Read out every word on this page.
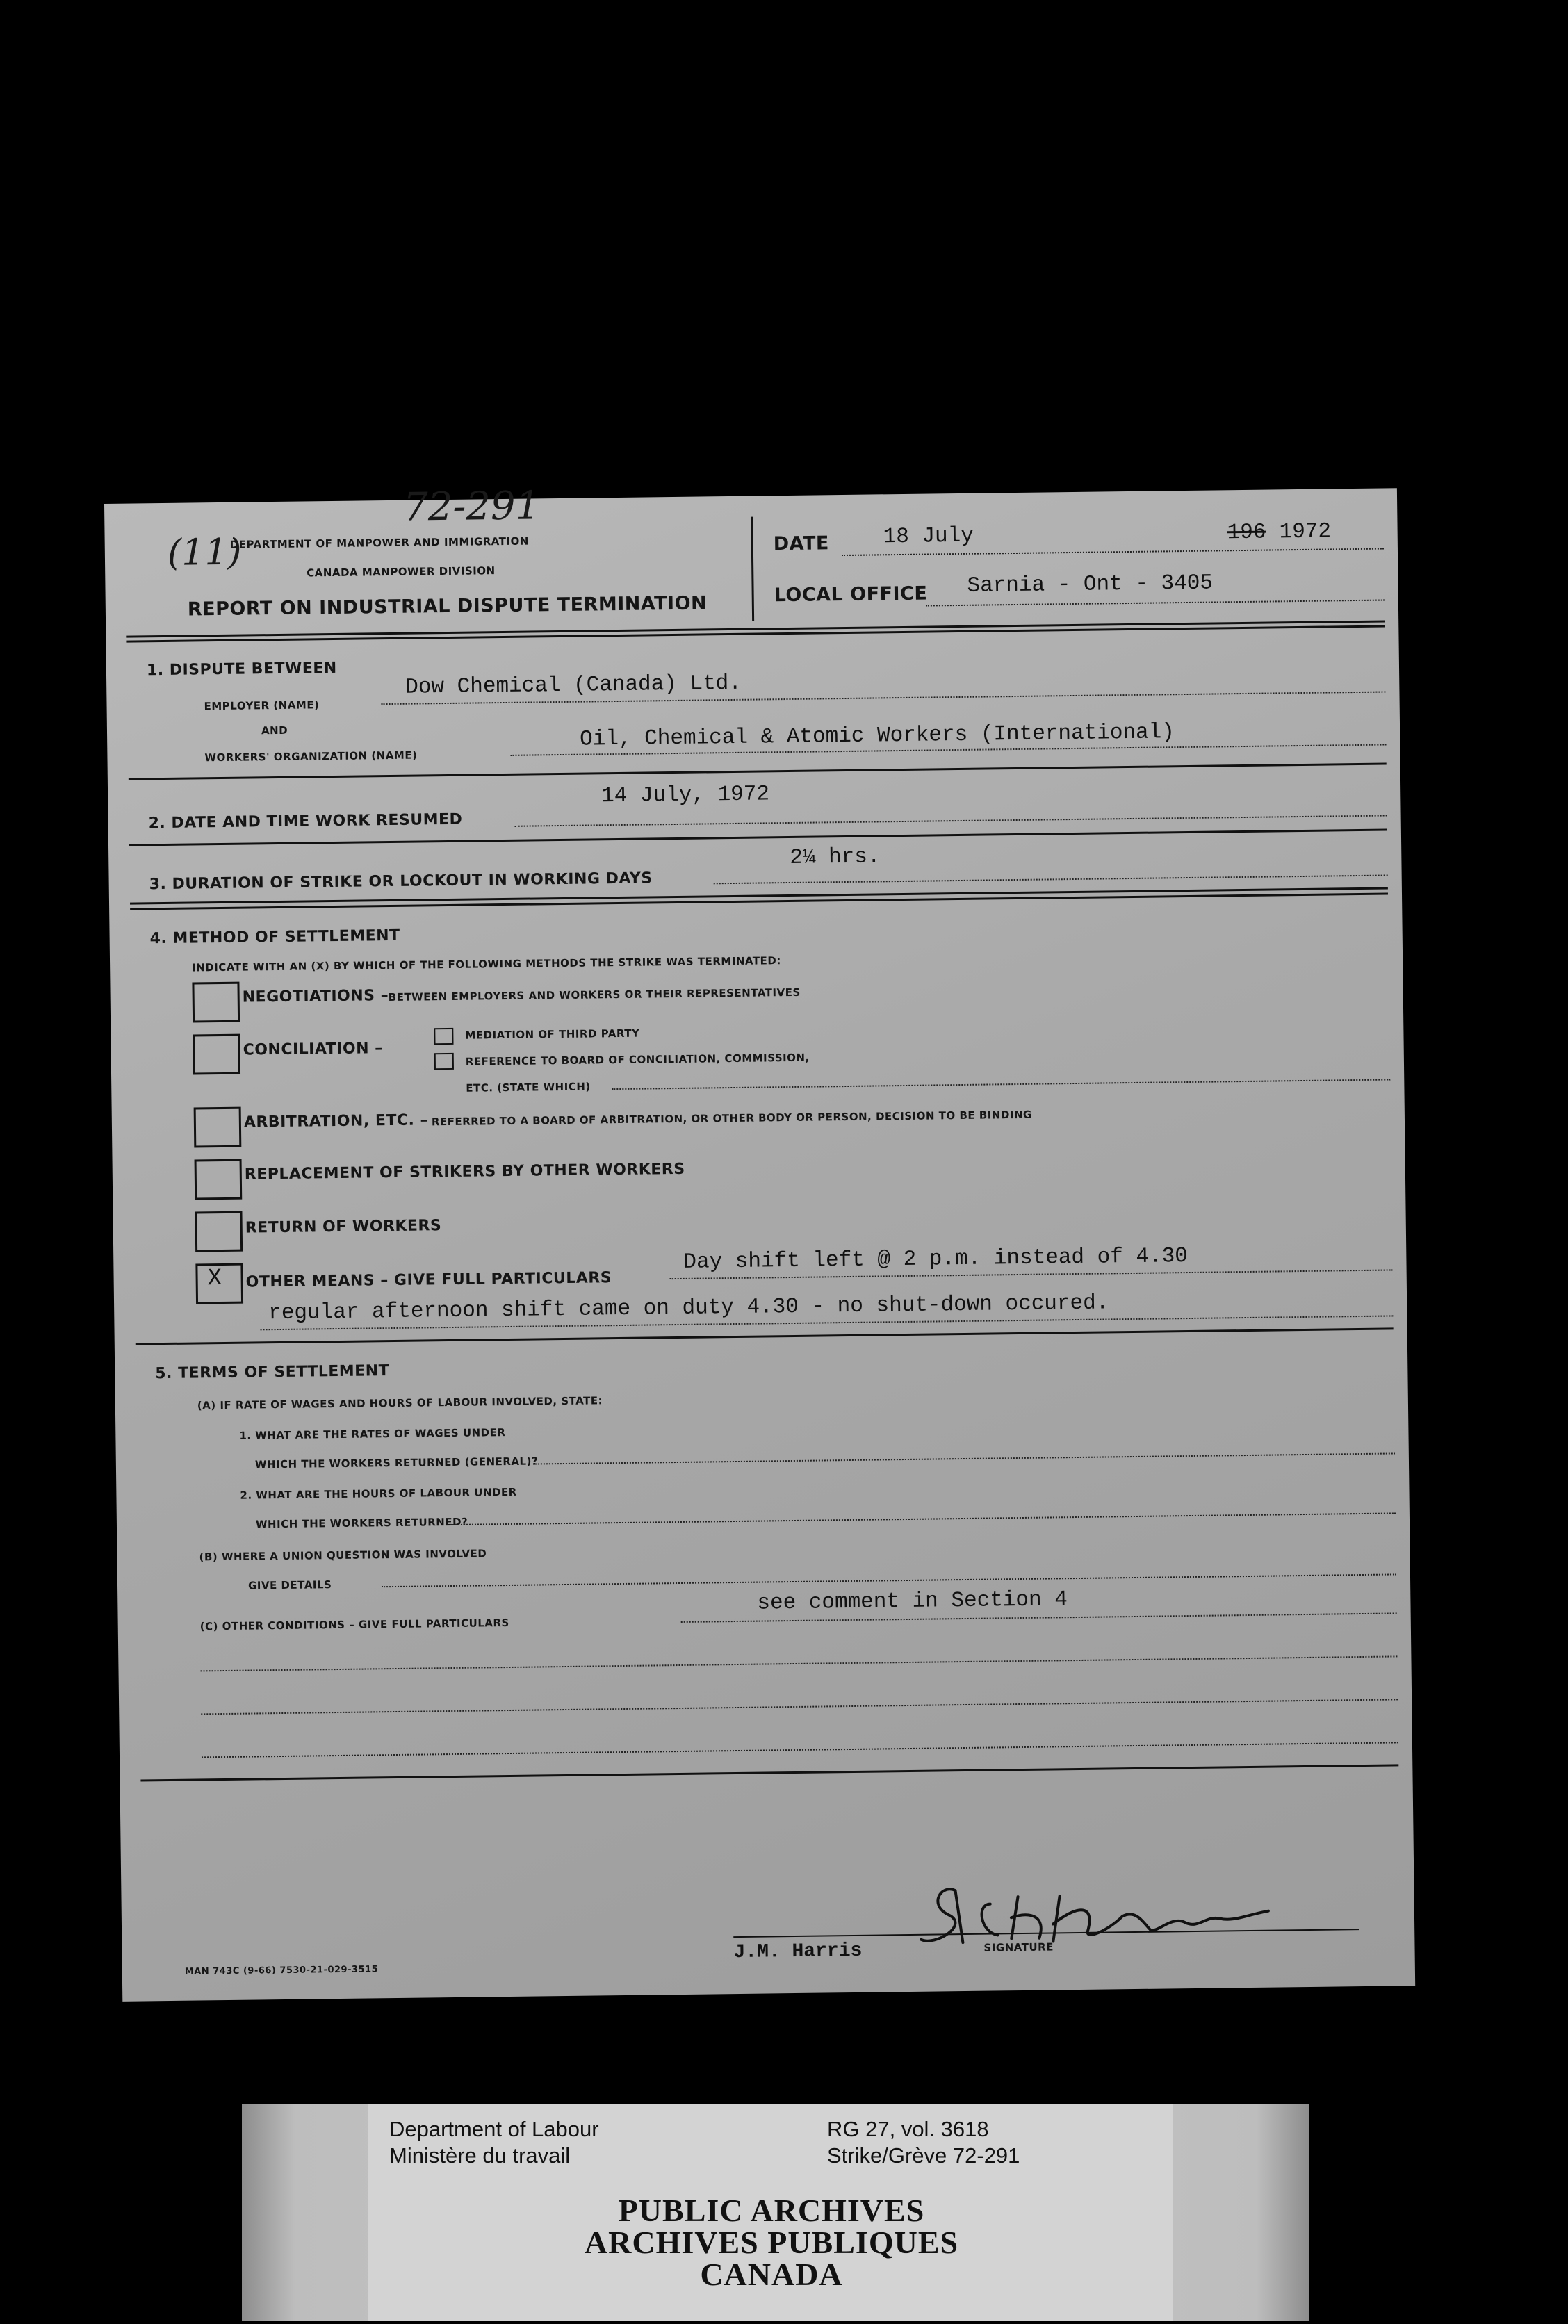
72-291
(11)
DEPARTMENT OF MANPOWER AND IMMIGRATION
CANADA MANPOWER DIVISION
REPORT ON INDUSTRIAL DISPUTE TERMINATION
DATE 18 July	196 1972
LOCAL OFFICE Sarnia - Ont - 3405
1. DISPUTE BETWEEN
EMPLOYER (NAME)
Dow Chemical (Canada) Ltd.
AND
WORKERS' ORGANIZATION (NAME)
Oil, Chemical & Atomic Workers (International)
14 July, 1972
2. DATE AND TIME WORK RESUMED
2¼ hrs.
3. DURATION OF STRIKE OR LOCKOUT IN WORKING DAYS
4. METHOD OF SETTLEMENT
INDICATE WITH AN (X) BY WHICH OF THE FOLLOWING METHODS THE STRIKE WAS TERMINATED:
NEGOTIATIONS – BETWEEN EMPLOYERS AND WORKERS OR THEIR REPRESENTATIVES
CONCILIATION –
MEDIATION OF THIRD PARTY
REFERENCE TO BOARD OF CONCILIATION, COMMISSION,
ETC. (STATE WHICH)
ARBITRATION, ETC. – REFERRED TO A BOARD OF ARBITRATION, OR OTHER BODY OR PERSON, DECISION TO BE BINDING
REPLACEMENT OF STRIKERS BY OTHER WORKERS
RETURN OF WORKERS
X OTHER MEANS – GIVE FULL PARTICULARS
Day shift left @ 2 p.m. instead of 4.30
regular afternoon shift came on duty 4.30 - no shut-down occured.
5. TERMS OF SETTLEMENT
(A) IF RATE OF WAGES AND HOURS OF LABOUR INVOLVED, STATE:
1. WHAT ARE THE RATES OF WAGES UNDER
WHICH THE WORKERS RETURNED (GENERAL)?
2. WHAT ARE THE HOURS OF LABOUR UNDER
WHICH THE WORKERS RETURNED?
(B) WHERE A UNION QUESTION WAS INVOLVED
GIVE DETAILS
see comment in Section 4
(C) OTHER CONDITIONS – GIVE FULL PARTICULARS
MAN 743C (9-66) 7530-21-029-3515
J.M. Harris	SIGNATURE
Department of Labour
Ministère du travail
RG 27, vol. 3618
Strike/Grève 72-291
PUBLIC ARCHIVES
ARCHIVES PUBLIQUES
CANADA
